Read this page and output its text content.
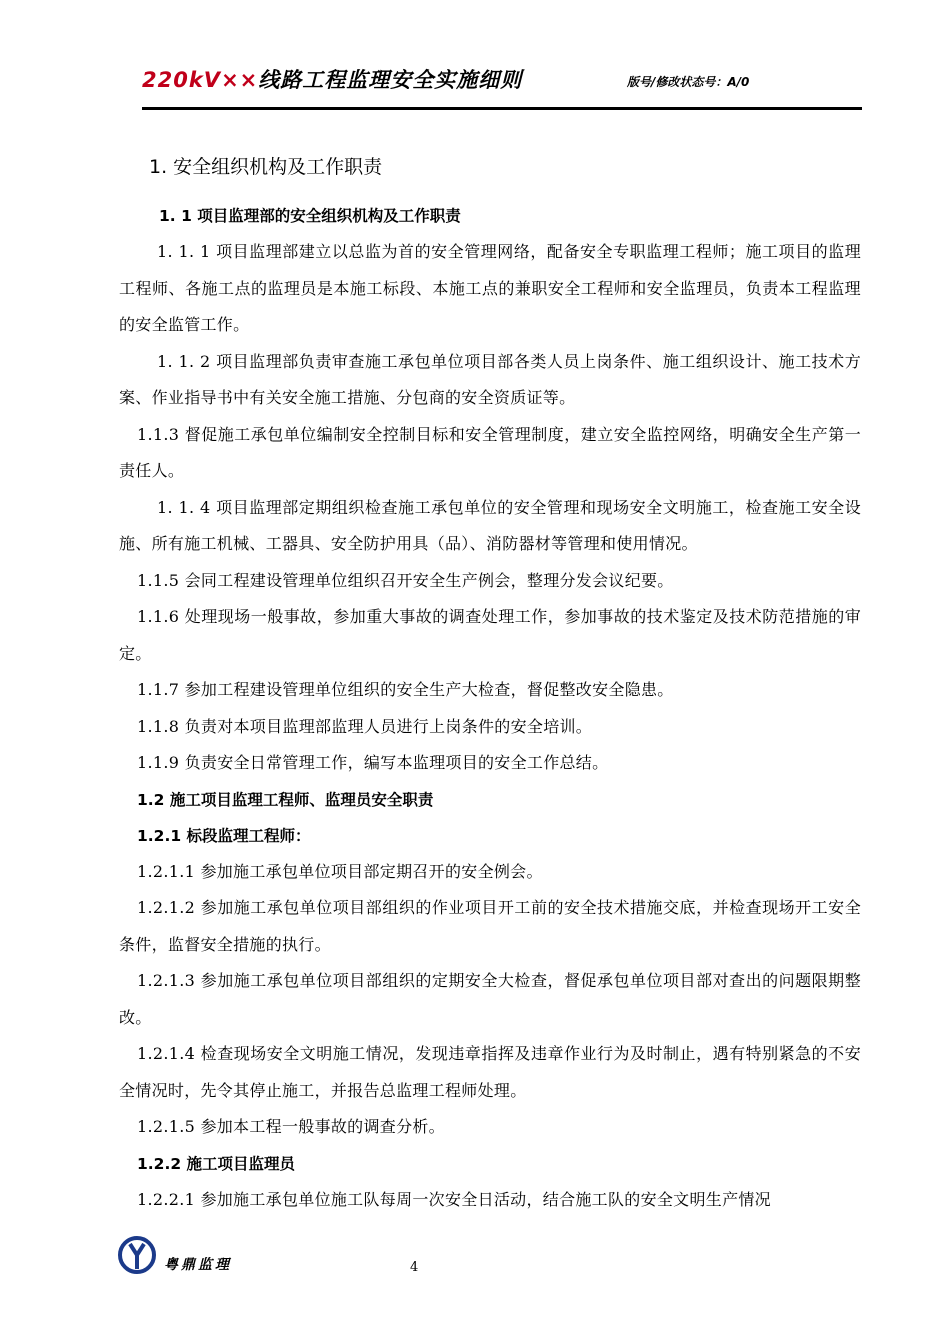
220kV××线路工程监理安全实施细则	版号/修改状态号：A/0
1. 安全组织机构及工作职责
1. 1 项目监理部的安全组织机构及工作职责

1. 1. 1 项目监理部建立以总监为首的安全管理网络，配备安全专职监理工程师；施工项目的监理工程师、各施工点的监理员是本施工标段、本施工点的兼职安全工程师和安全监理员，负责本工程监理的安全监管工作。

1. 1. 2 项目监理部负责审查施工承包单位项目部各类人员上岗条件、施工组织设计、施工技术方案、作业指导书中有关安全施工措施、分包商的安全资质证等。

1.1.3 督促施工承包单位编制安全控制目标和安全管理制度，建立安全监控网络，明确安全生产第一责任人。

1. 1. 4 项目监理部定期组织检查施工承包单位的安全管理和现场安全文明施工，检查施工安全设施、所有施工机械、工器具、安全防护用具（品）、消防器材等管理和使用情况。

1.1.5 会同工程建设管理单位组织召开安全生产例会，整理分发会议纪要。

1.1.6 处理现场一般事故，参加重大事故的调查处理工作，参加事故的技术鉴定及技术防范措施的审定。

1.1.7 参加工程建设管理单位组织的安全生产大检查，督促整改安全隐患。

1.1.8 负责对本项目监理部监理人员进行上岗条件的安全培训。

1.1.9 负责安全日常管理工作，编写本监理项目的安全工作总结。

1.2 施工项目监理工程师、监理员安全职责
1.2.1 标段监理工程师：

1.2.1.1 参加施工承包单位项目部定期召开的安全例会。

1.2.1.2 参加施工承包单位项目部组织的作业项目开工前的安全技术措施交底，并检查现场开工安全条件，监督安全措施的执行。

1.2.1.3 参加施工承包单位项目部组织的定期安全大检查，督促承包单位项目部对查出的问题限期整改。

1.2.1.4 检查现场安全文明施工情况，发现违章指挥及违章作业行为及时制止，遇有特别紧急的不安全情况时，先令其停止施工，并报告总监理工程师处理。

1.2.1.5 参加本工程一般事故的调查分析。

1.2.2 施工项目监理员

1.2.2.1 参加施工承包单位施工队每周一次安全日活动，结合施工队的安全文明生产情况

粤鼎监理	4
